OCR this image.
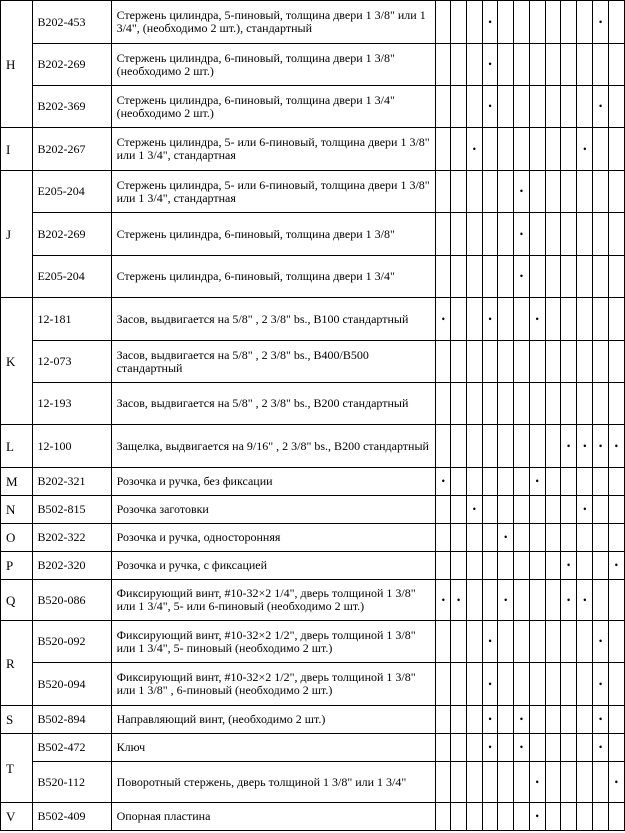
H	B202-453	Стержень цилиндра, 5-пиновый, толщина двери 1 3/8" или 1 3/4", (необходимо 2 шт.), стандартный				•							•	
	B202-269	Стержень цилиндра, 6-пиновый, толщина двери 1 3/8" (необходимо 2 шт.)				•								
	B202-369	Стержень цилиндра, 6-пиновый, толщина двери 1 3/4" (необходимо 2 шт.)				•							•	
I	B202-267	Стержень цилиндра, 5- или 6-пиновый, толщина двери 1 3/8" или 1 3/4", стандартная			•							•		
J	E205-204	Стержень цилиндра, 5- или 6-пиновый, толщина двери 1 3/8" или 1 3/4", стандартная						•						
	B202-269	Стержень цилиндра, 6-пиновый, толщина двери 1 3/8"						•						
	E205-204	Стержень цилиндра, 6-пиновый, толщина двери 1 3/4"						•						
K	12-181	Засов, выдвигается на 5/8" , 2 3/8" bs., B100 стандартный	•			•			•					
	12-073	Засов, выдвигается на 5/8" , 2 3/8" bs., B400/B500 стандартный												
	12-193	Засов, выдвигается на 5/8" , 2 3/8" bs., B200 стандартный												
L	12-100	Защелка, выдвигается на 9/16" , 2 3/8" bs., B200 стандартный									•	•	•	•
M	B202-321	Розочка и ручка, без фиксации	•						•					
N	B502-815	Розочка заготовки			•							•		
O	B202-322	Розочка и ручка, односторонняя					•							
P	B202-320	Розочка и ручка, с фиксацией									•			•
Q	B520-086	Фиксирующий винт, #10-32×2 1/4", дверь толщиной 1 3/8" или 1 3/4", 5- или 6-пиновый (необходимо 2 шт.)	•	•			•				•	•		
R	B520-092	Фиксирующий винт, #10-32×2 1/2", дверь толщиной 1 3/8" или 1 3/4", 5- пиновый (необходимо 2 шт.)				•							•	
	B520-094	Фиксирующий винт, #10-32×2 1/2", дверь толщиной 1 3/8" или 1 3/8" , 6-пиновый (необходимо 2 шт.)				•							•	
S	B502-894	Направляющий винт, (необходимо 2 шт.)				•		•					•	
T	B502-472	Ключ				•		•					•	
	B520-112	Поворотный стержень, дверь толщиной 1 3/8" или 1 3/4"							•					•
V	B502-409	Опорная пластина							•					
